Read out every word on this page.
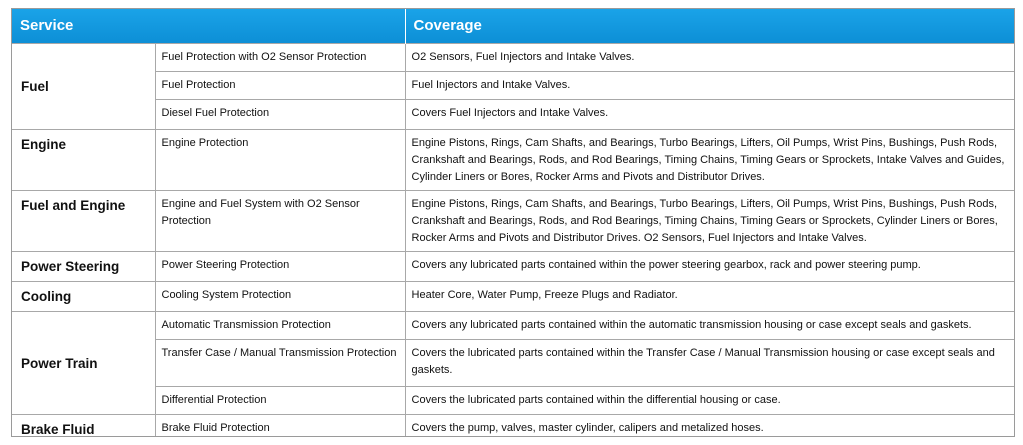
Service		Coverage
Fuel	Fuel Protection with O2 Sensor Protection	O2 Sensors, Fuel Injectors and Intake Valves.
	Fuel Protection	Fuel Injectors and Intake Valves.
	Diesel Fuel Protection	Covers Fuel Injectors and Intake Valves.
Engine	Engine Protection	Engine Pistons, Rings, Cam Shafts, and Bearings, Turbo Bearings, Lifters, Oil Pumps, Wrist Pins, Bushings, Push Rods, Crankshaft and Bearings, Rods, and Rod Bearings, Timing Chains, Timing Gears or Sprockets, Intake Valves and Guides, Cylinder Liners or Bores, Rocker Arms and Pivots and Distributor Drives.
Fuel and Engine	Engine and Fuel System with O2 Sensor Protection	Engine Pistons, Rings, Cam Shafts, and Bearings, Turbo Bearings, Lifters, Oil Pumps, Wrist Pins, Bushings, Push Rods, Crankshaft and Bearings, Rods, and Rod Bearings, Timing Chains, Timing Gears or Sprockets, Cylinder Liners or Bores, Rocker Arms and Pivots and Distributor Drives. O2 Sensors, Fuel Injectors and Intake Valves.
Power Steering	Power Steering Protection	Covers any lubricated parts contained within the power steering gearbox, rack and power steering pump.
Cooling	Cooling System Protection	Heater Core, Water Pump, Freeze Plugs and Radiator.
Power Train	Automatic Transmission Protection	Covers any lubricated parts contained within the automatic transmission housing or case except seals and gaskets.
	Transfer Case / Manual Transmission Protection	Covers the lubricated parts contained within the Transfer Case / Manual Transmission housing or case except seals and gaskets.
	Differential Protection	Covers the lubricated parts contained within the differential housing or case.
Brake Fluid	Brake Fluid Protection	Covers the pump, valves, master cylinder, calipers and metalized hoses.
